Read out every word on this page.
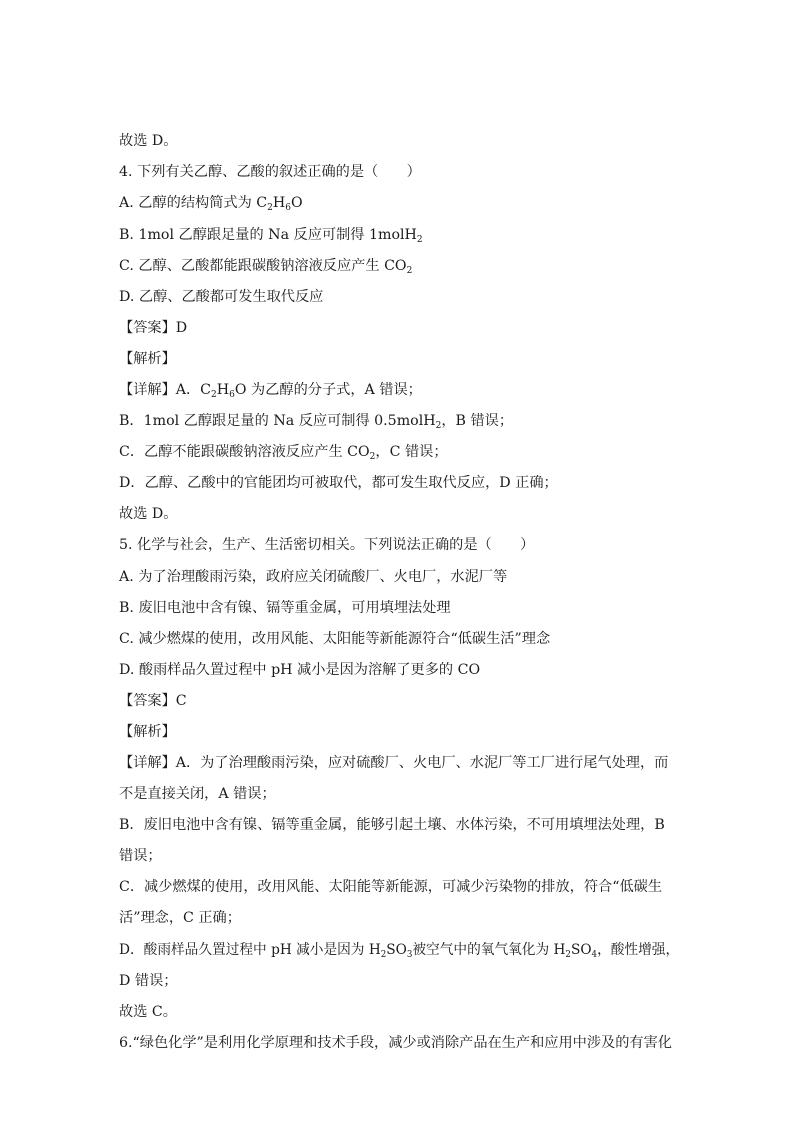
故选 D。
4. 下列有关乙醇、乙酸的叙述正确的是（　　）
A. 乙醇的结构简式为 $C_2H_6O$
B. 1mol 乙醇跟足量的 Na 反应可制得 1molH$_2$
C. 乙醇、乙酸都能跟碳酸钠溶液反应产生 $CO_2$
D. 乙醇、乙酸都可发生取代反应
【答案】D
【解析】
【详解】A．$C_2H_6O$ 为乙醇的分子式，A 错误；
B．1mol 乙醇跟足量的 Na 反应可制得 0.5molH$_2$，B 错误；
C．乙醇不能跟碳酸钠溶液反应产生 $CO_2$，C 错误；
D．乙醇、乙酸中的官能团均可被取代，都可发生取代反应，D 正确；
故选 D。
5. 化学与社会，生产、生活密切相关。下列说法正确的是（　　）
A. 为了治理酸雨污染，政府应关闭硫酸厂、火电厂，水泥厂等
B. 废旧电池中含有镍、镉等重金属，可用填埋法处理
C. 减少燃煤的使用，改用风能、太阳能等新能源符合“低碳生活”理念
D. 酸雨样品久置过程中 pH 减小是因为溶解了更多的 CO
【答案】C
【解析】
【详解】A．为了治理酸雨污染，应对硫酸厂、火电厂、水泥厂等工厂进行尾气处理，而
不是直接关闭，A 错误；
B．废旧电池中含有镍、镉等重金属，能够引起土壤、水体污染，不可用填埋法处理，B
错误；
C．减少燃煤的使用，改用风能、太阳能等新能源，可减少污染物的排放，符合“低碳生
活”理念，C 正确；
D．酸雨样品久置过程中 pH 减小是因为 $H_2SO_3$被空气中的氧气氧化为 $H_2SO_4$，酸性增强，
D 错误；
故选 C。
6.“绿色化学”是利用化学原理和技术手段，减少或消除产品在生产和应用中涉及的有害化
